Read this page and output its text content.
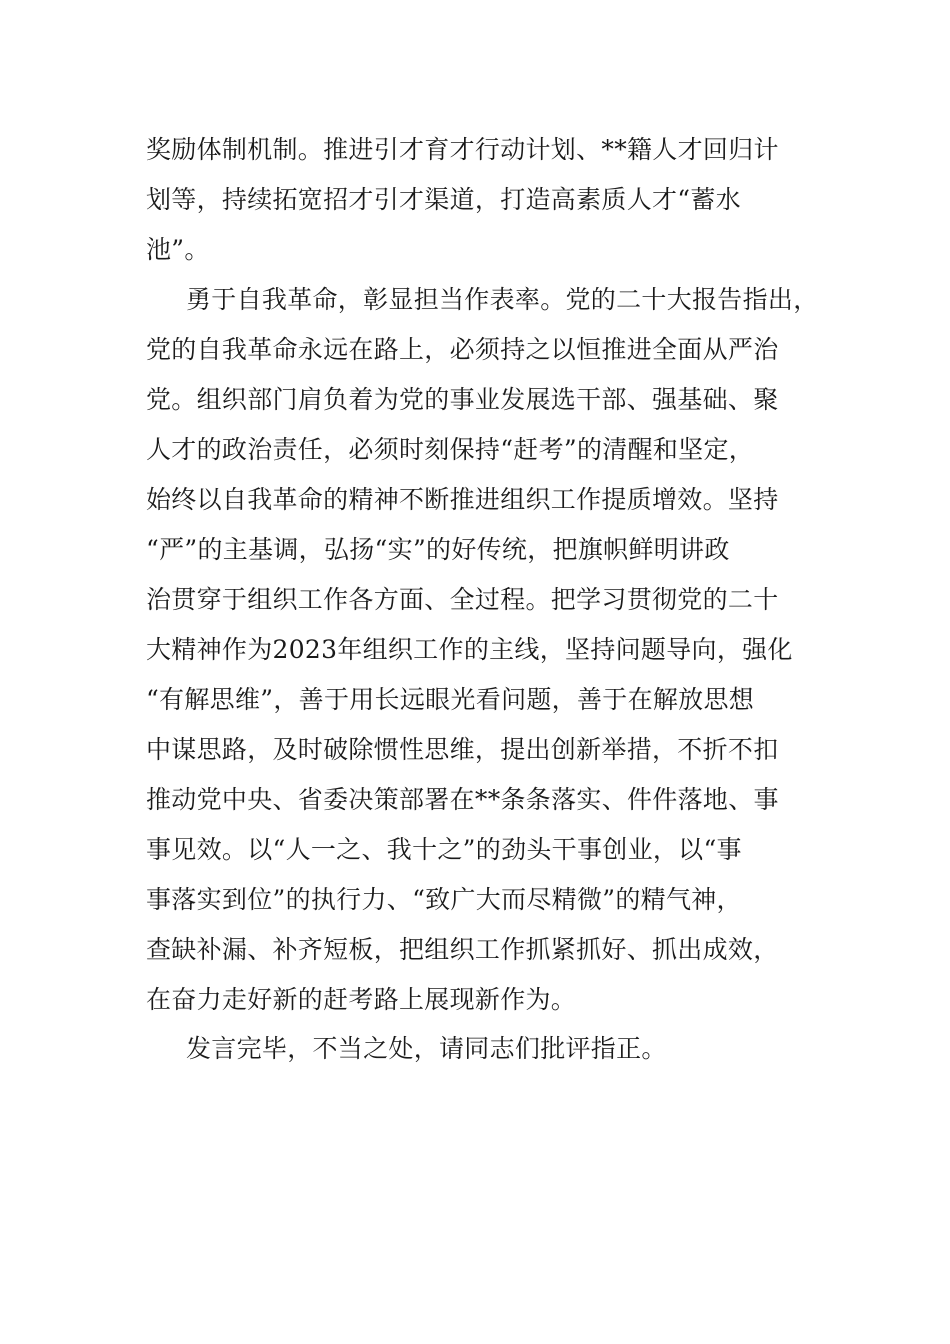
奖励体制机制。推进引才育才行动计划、**籍人才回归计
划等，持续拓宽招才引才渠道，打造高素质人才“蓄水
池”。
勇于自我革命，彰显担当作表率。党的二十大报告指出，
党的自我革命永远在路上，必须持之以恒推进全面从严治
党。组织部门肩负着为党的事业发展选干部、强基础、聚
人才的政治责任，必须时刻保持“赶考”的清醒和坚定，
始终以自我革命的精神不断推进组织工作提质增效。坚持
“严”的主基调，弘扬“实”的好传统，把旗帜鲜明讲政
治贯穿于组织工作各方面、全过程。把学习贯彻党的二十
大精神作为2023年组织工作的主线，坚持问题导向，强化
“有解思维”，善于用长远眼光看问题，善于在解放思想
中谋思路，及时破除惯性思维，提出创新举措，不折不扣
推动党中央、省委决策部署在**条条落实、件件落地、事
事见效。以“人一之、我十之”的劲头干事创业，以“事
事落实到位”的执行力、“致广大而尽精微”的精气神，
查缺补漏、补齐短板，把组织工作抓紧抓好、抓出成效，
在奋力走好新的赶考路上展现新作为。
发言完毕，不当之处，请同志们批评指正。
